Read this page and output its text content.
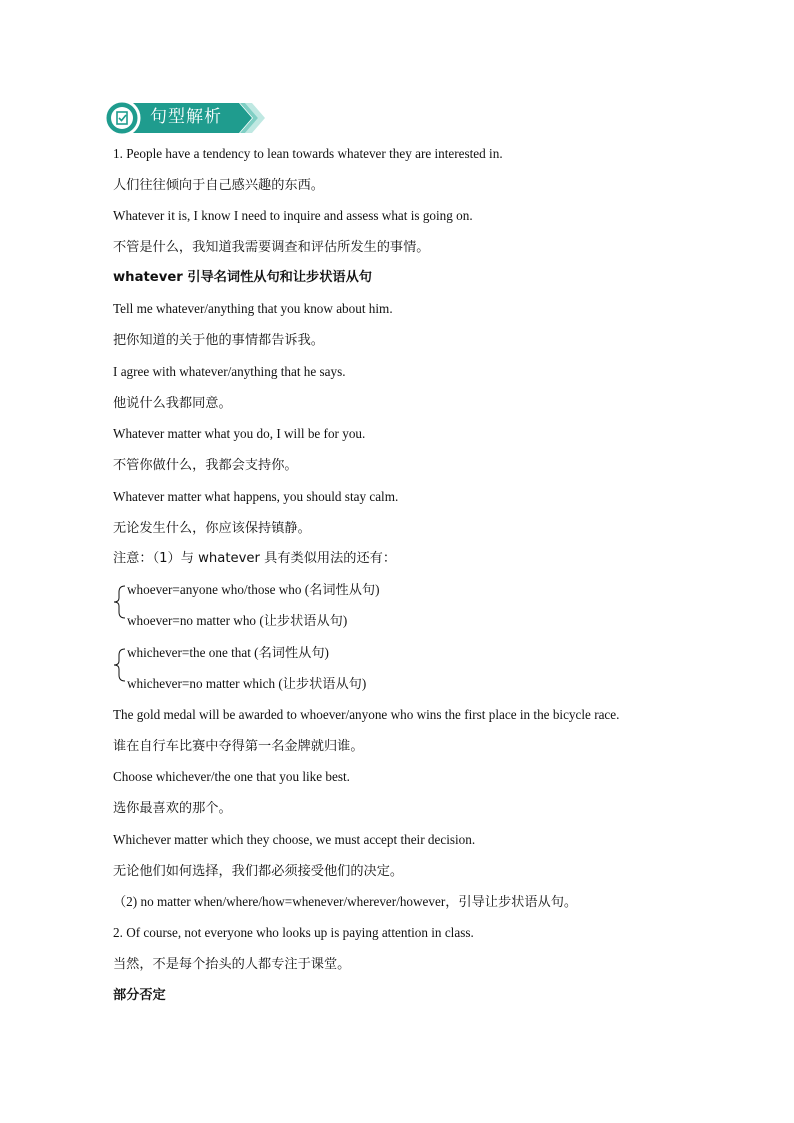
句型解析
1. People have a tendency to lean towards whatever they are interested in.
人们往往倾向于自己感兴趣的东西。
Whatever it is, I know I need to inquire and assess what is going on.
不管是什么，我知道我需要调查和评估所发生的事情。
whatever 引导名词性从句和让步状语从句
Tell me whatever/anything that you know about him.
把你知道的关于他的事情都告诉我。
I agree with whatever/anything that he says.
他说什么我都同意。
Whatever matter what you do, I will be for you.
不管你做什么，我都会支持你。
Whatever matter what happens, you should stay calm.
无论发生什么，你应该保持镇静。
注意：（1）与 whatever 具有类似用法的还有：
whoever=anyone who/those who (名词性从句)
whoever=no matter who (让步状语从句)
whichever=the one that (名词性从句)
whichever=no matter which (让步状语从句)
The gold medal will be awarded to whoever/anyone who wins the first place in the bicycle race.
谁在自行车比赛中夺得第一名金牌就归谁。
Choose whichever/the one that you like best.
选你最喜欢的那个。
Whichever matter which they choose, we must accept their decision.
无论他们如何选择，我们都必须接受他们的决定。
（2) no matter when/where/how=whenever/wherever/however，引导让步状语从句。
2. Of course, not everyone who looks up is paying attention in class.
当然，不是每个抬头的人都专注于课堂。
部分否定
